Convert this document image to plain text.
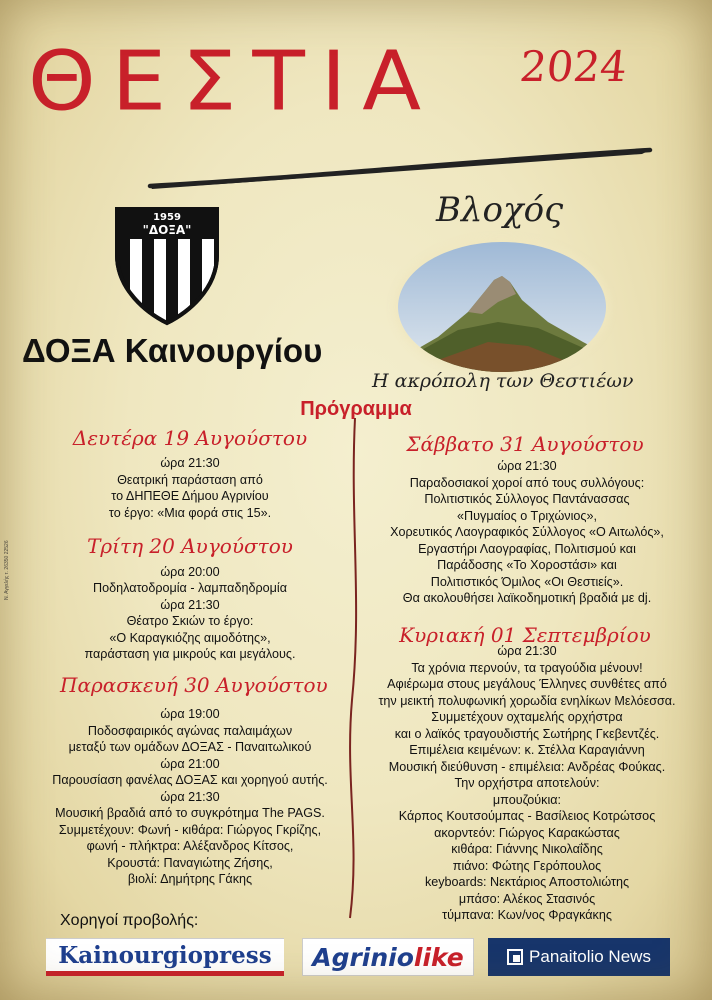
ΘΕΣΤΙΑ 2024
Βλοχός
Η ακρόπολη των Θεστιέων
1959
"ΔΟΞΑ"
ΔΟΞΑ Καινουργίου
Πρόγραμμα
Δευτέρα 19 Αυγούστου
ώρα 21:30
Θεατρική παράσταση από
το ΔΗΠΕΘΕ Δήμου Αγρινίου
το έργο: «Μια φορά στις 15».
Τρίτη 20 Αυγούστου
ώρα 20:00
Ποδηλατοδρομία - λαμπαδηδρομία
ώρα 21:30
Θέατρο Σκιών το έργο:
«Ο Καραγκιόζης αιμοδότης»,
παράσταση για μικρούς και μεγάλους.
Παρασκευή 30 Αυγούστου
ώρα 19:00
Ποδοσφαιρικός αγώνας παλαιμάχων
μεταξύ των ομάδων ΔΟΞΑΣ - Παναιτωλικού
ώρα 21:00
Παρουσίαση φανέλας ΔΟΞΑΣ και χορηγού αυτής.
ώρα 21:30
Μουσική βραδιά από το συγκρότημα The PAGS.
Συμμετέχουν: Φωνή - κιθάρα: Γιώργος Γκρίζης,
φωνή - πλήκτρα: Αλέξανδρος Κίτσος,
Κρουστά: Παναγιώτης Ζήσης,
βιολί: Δημήτρης Γάκης
Σάββατο 31 Αυγούστου
ώρα 21:30
Παραδοσιακοί χοροί από τους συλλόγους:
Πολιτιστικός Σύλλογος Παντάνασσας
«Πυγμαίος ο Τριχώνιος»,
Χορευτικός Λαογραφικός Σύλλογος «Ο Αιτωλός»,
Εργαστήρι Λαογραφίας, Πολιτισμού και
Παράδοσης «Το Χοροστάσι» και
Πολιτιστικός Όμιλος «Οι Θεστιείς».
Θα ακολουθήσει λαϊκοδημοτική βραδιά με dj.
Κυριακή 01 Σεπτεμβρίου
ώρα 21:30
Τα χρόνια περνούν, τα τραγούδια μένουν!
Αφιέρωμα στους μεγάλους Έλληνες συνθέτες από
την μεικτή πολυφωνική χορωδία ενηλίκων Μελόεσσα.
Συμμετέχουν οχταμελής ορχήστρα
και ο λαϊκός τραγουδιστής Σωτήρης Γκεβεντζές.
Επιμέλεια κειμένων: κ. Στέλλα Καραγιάννη
Μουσική διεύθυνση - επιμέλεια: Ανδρέας Φούκας.
Την ορχήστρα αποτελούν:
μπουζούκια:
Κάρπος Κουτσούμπας - Βασίλειος Κοτρώτσος
ακορντεόν: Γιώργος Καρακώστας
κιθάρα: Γιάννης Νικολαΐδης
πιάνο: Φώτης Γερόπουλος
keyboards: Νεκτάριος Αποστολιώτης
μπάσο: Αλέκος Στασινός
τύμπανα: Κων/νος Φραγκάκης
Ν. Αγγελής τ. 26350 22526
Χορηγοί προβολής:
Kainourgiopress Agrinio like	Panaitolio News
